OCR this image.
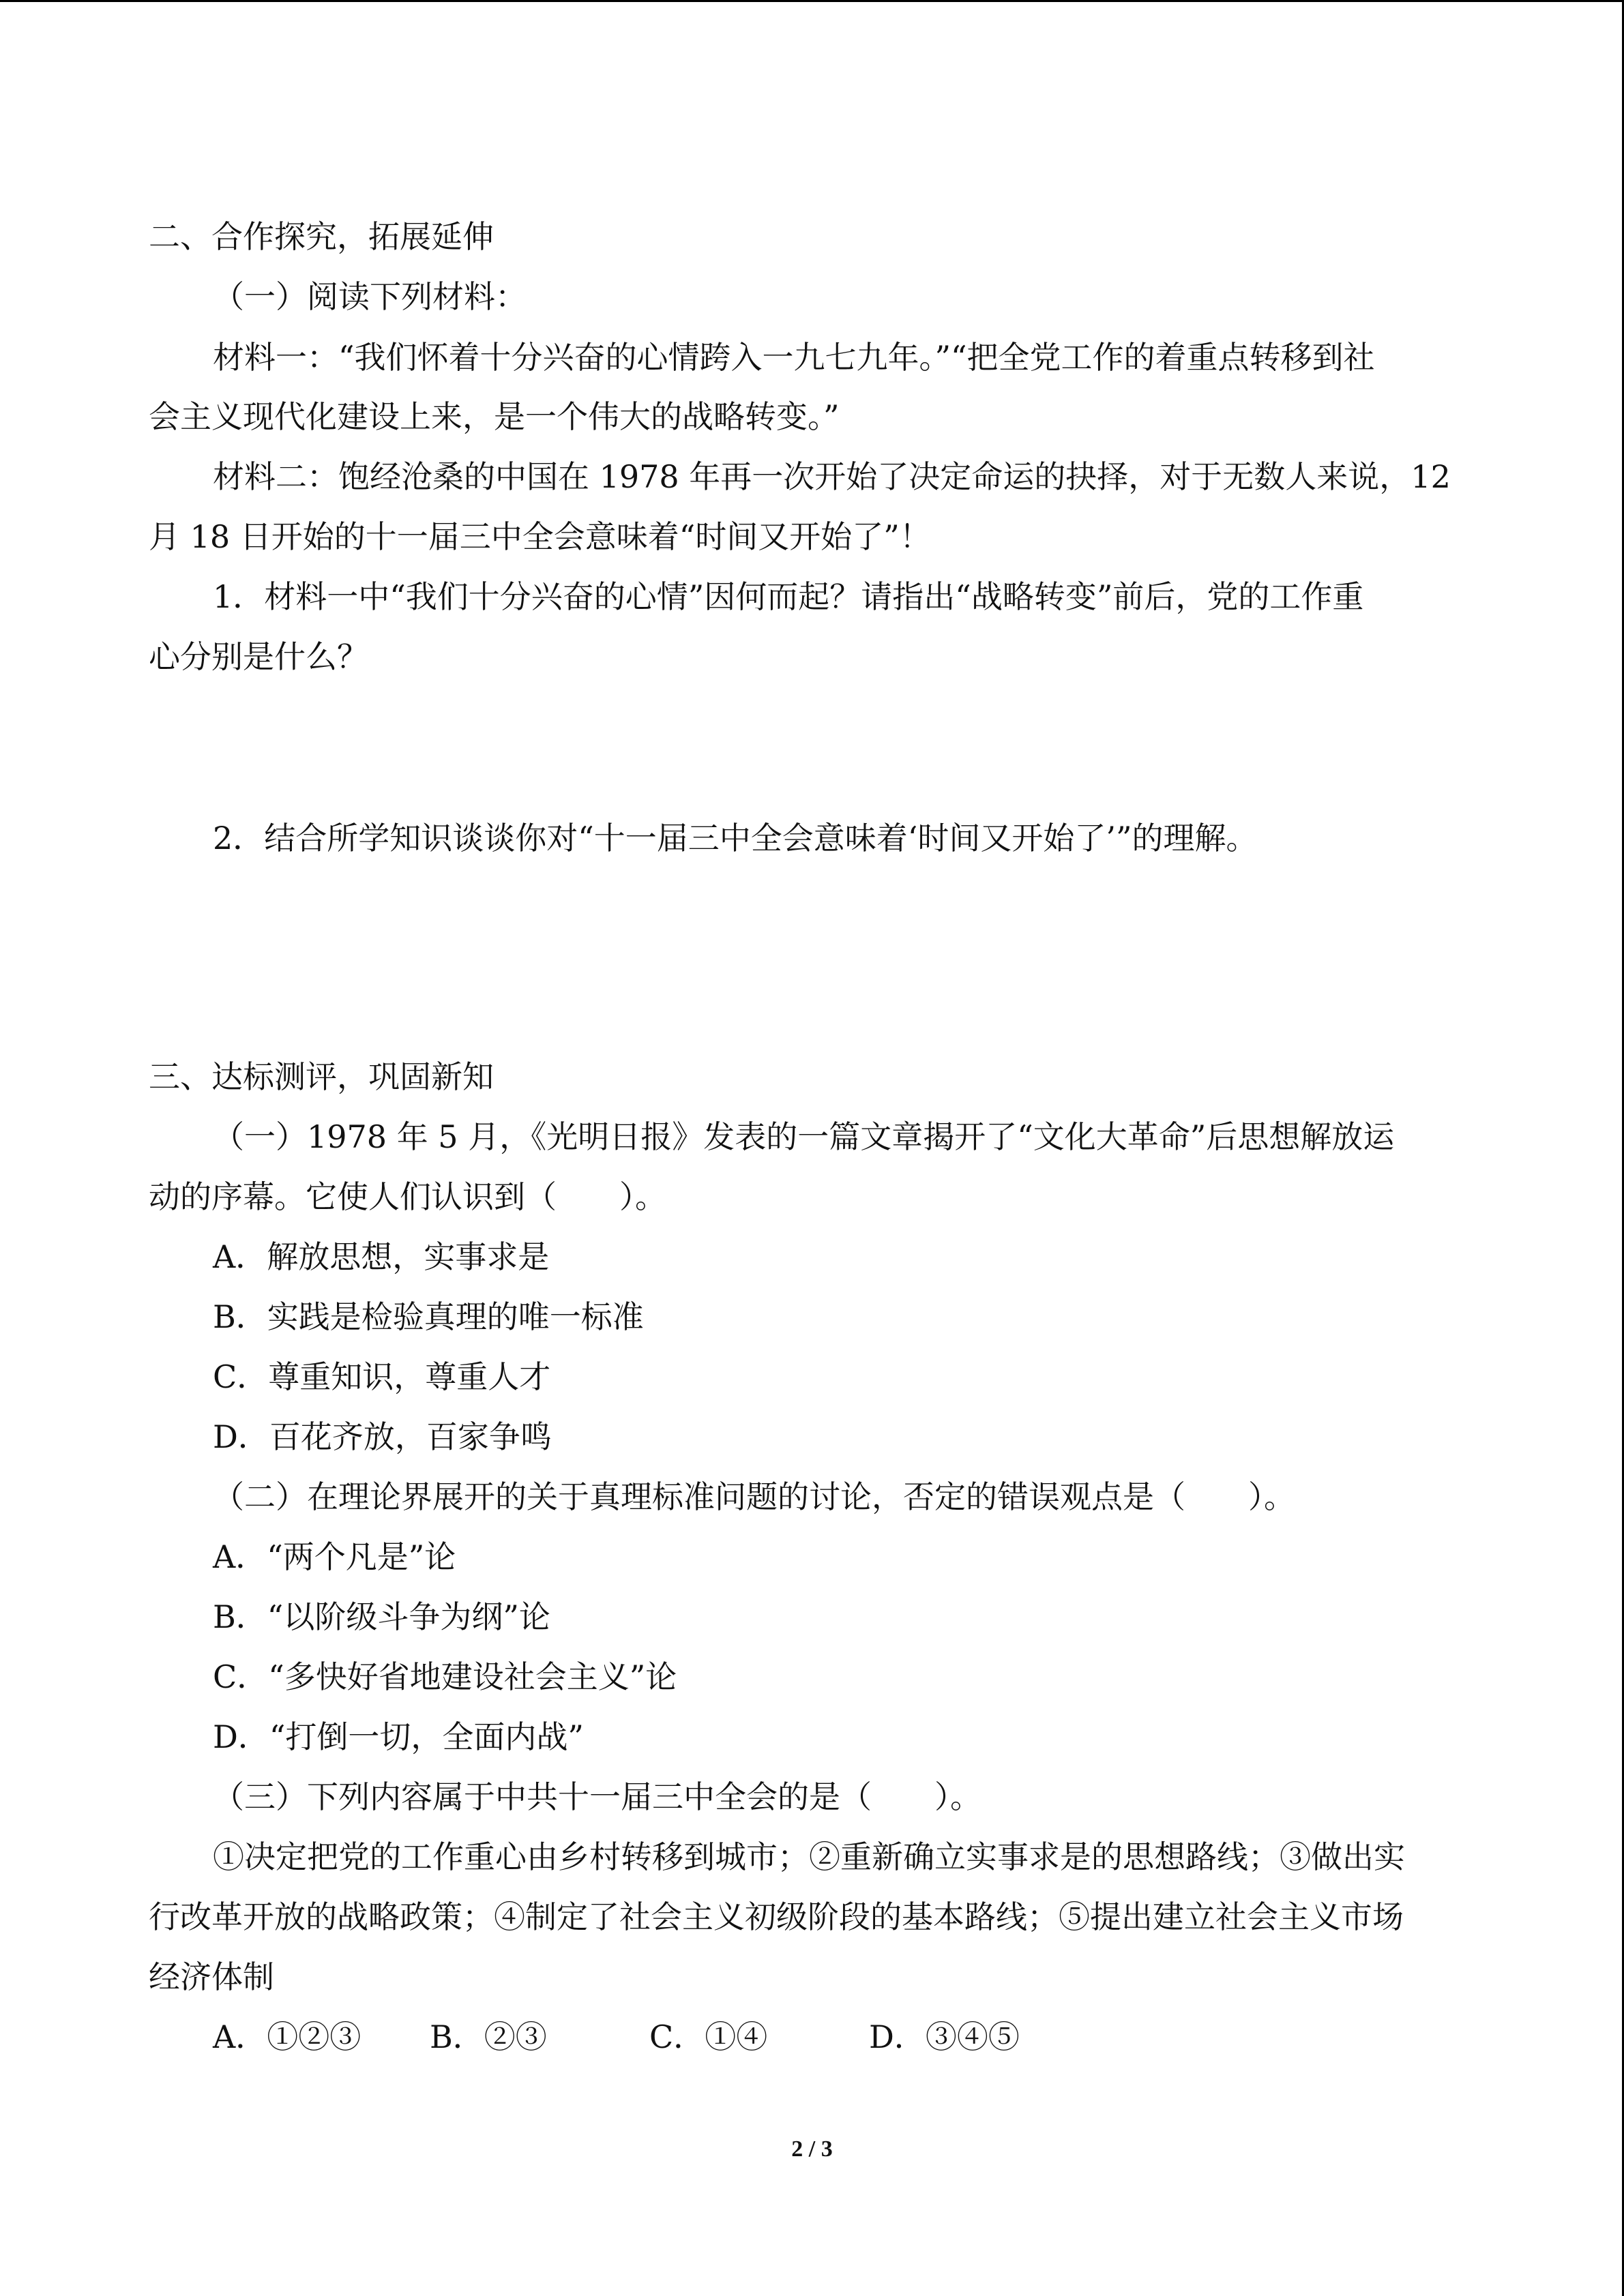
二、合作探究，拓展延伸
（一）阅读下列材料：
材料一：“我们怀着十分兴奋的心情跨入一九七九年。”“把全党工作的着重点转移到社
会主义现代化建设上来，是一个伟大的战略转变。”
材料二：饱经沧桑的中国在 1978 年再一次开始了决定命运的抉择，对于无数人来说，12
月 18 日开始的十一届三中全会意味着“时间又开始了”！
1．材料一中“我们十分兴奋的心情”因何而起？请指出“战略转变”前后，党的工作重
心分别是什么？
2．结合所学知识谈谈你对“十一届三中全会意味着‘时间又开始了’”的理解。
三、达标测评，巩固新知
（一）1978 年 5 月，《光明日报》发表的一篇文章揭开了“文化大革命”后思想解放运
动的序幕。它使人们认识到（　　）。
A．解放思想，实事求是
B．实践是检验真理的唯一标准
C．尊重知识，尊重人才
D．百花齐放，百家争鸣
（二）在理论界展开的关于真理标准问题的讨论，否定的错误观点是（　　）。
A．“两个凡是”论
B．“以阶级斗争为纲”论
C．“多快好省地建设社会主义”论
D．“打倒一切，全面内战”
（三）下列内容属于中共十一届三中全会的是（　　）。
①决定把党的工作重心由乡村转移到城市；②重新确立实事求是的思想路线；③做出实
行改革开放的战略政策；④制定了社会主义初级阶段的基本路线；⑤提出建立社会主义市场
经济体制
A．①②③ B．②③	C．①④	D．③④⑤
2 / 3
